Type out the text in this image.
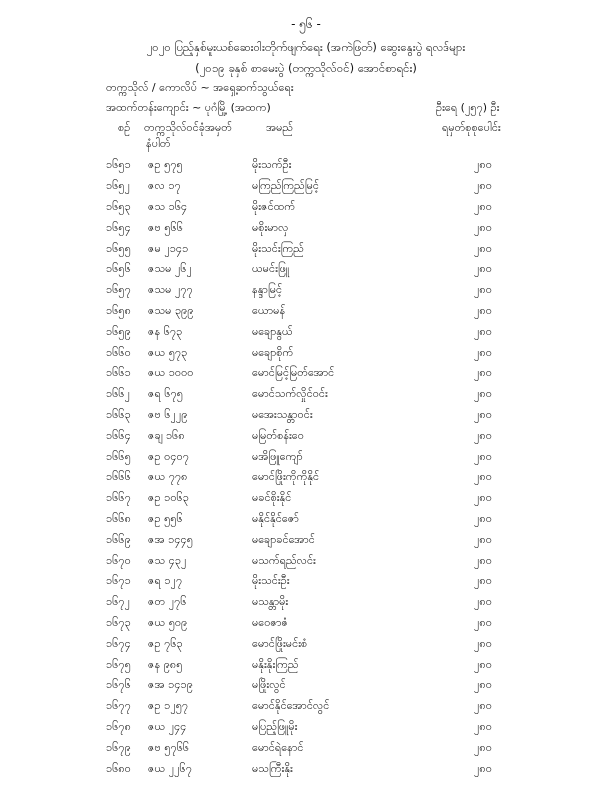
- ၅၆ -
၂၀၂၀ ပြည့်နှစ်မူးယစ်ဆေးဝါးတိုက်ဖျက်ရေး (အကဲဖြတ်) ဆွေးနွေးပွဲ ရလဒ်များ
(၂၀၁၉ ခုနှစ် စာမေးပွဲ (တက္ကသိုလ်ဝင်) အောင်စာရင်း)
တက္ကသိုလ် / ကောလိပ် ~ အရှေ့ဆက်သွယ်ရေး
အထက်တန်းကျောင်း ~ ပုဂံမြို့ (အထက)	ဦးရေ (၂၅၇) ဦး
စဉ် တက္ကသိုလ်ဝင်ခုံအမှတ်
နံပါတ်
အမည်	ရမှတ်စုစုပေါင်း
၁၆၅၁	ဇဥ ၅၇၅	မိုးသက်ဦး	၂၈၀
၁၆၅၂	ဇလ ၁၇	မကြည်ကြည်မြင့်	၂၈၀
၁၆၅၃	ဇသ ၁၆၄	မိုးဇင်ထက်	၂၈၀
၁၆၅၄	ဇဗ ၅၆၆	မစိုးမာလှ	၂၈၀
၁၆၅၅	ဇမ ၂၁၄၁	မိုးသင်းကြည်	၂၈၀
၁၆၅၆	ဇသမ ၂၆၂	ယမင်းဖြူ	၂၈၀
၁၆၅၇	ဇသမ ၂၇၇	နန္ဒာမြင့်	၂၈၀
၁၆၅၈	ဇသမ ၃၉၉	ယောမန်	၂၈၀
၁၆၅၉	ဇန ၆၇၃	မချောနွယ်	၂၈၀
၁၆၆၀	ဇယ ၅၇၃	မချောစိုက်	၂၈၀
၁၆၆၁	ဇယ ၁၀၀၀	မောင်မြင့်မြတ်အောင်	၂၈၀
၁၆၆၂	ဇရ ၆၇၅	မောင်သက်လှိုင်ဝင်း	၂၈၀
၁၆၆၃	ဇဗ ၆၂၂၉	မအေးသန္တာဝင်း	၂၈၀
၁၆၆၄	ဇချ ၁၆၈	မမြတ်စန်းဝေ	၂၈၀
၁၆၆၅	ဇဥ ၀၄၀၇	မအိဖြူကျော်	၂၈၀
၁၆၆၆	ဇယ ၇၇၈	မောင်ဖြိုးကိုကိုနိုင်	၂၈၀
၁၆၆၇	ဇဥ ၁၀၆၃	မခင်စိုးနိုင်	၂၈၀
၁၆၆၈	ဇဥ ၅၅၆	မနိုင်နိုင်ဇော်	၂၈၀
၁၆၆၉	ဇအ ၁၄၄၅	မချောခင်အောင်	၂၈၀
၁၆၇၀	ဇသ ၄၃၂	မသက်ရည်လင်း	၂၈၀
၁၆၇၁	ဇရ ၁၂၇	မိုးသင်းဦး	၂၈၀
၁၆၇၂	ဇတ ၂၇၆	မသန္တာမိုး	၂၈၀
၁၆၇၃	ဇယ ၅၀၉	မဝေဇာဇံ	၂၈၀
၁၆၇၄	ဇဥ ၇၆၃	မောင်ဖြိုးမင်းစံ	၂၈၀
၁၆၇၅	ဇန ၉၈၅	မနိုးနိုးကြည်	၂၈၀
၁၆၇၆	ဇအ ၁၄၁၉	မဖြိုးလွင်	၂၈၀
၁၆၇၇	ဇဥ ၁၂၅၇	မောင်နိုင်အောင်လွင်	၂၈၀
၁၆၇၈	ဇယ ၂၄၄	မပြည့်ဖြူမိုး	၂၈၀
၁၆၇၉	ဇဗ ၅၇၆၆	မောင်ရဲနောင်	၂၈၀
၁၆၈၀	ဇယ ၂၂၆၇	မသကြီးနိုး	၂၈၀
